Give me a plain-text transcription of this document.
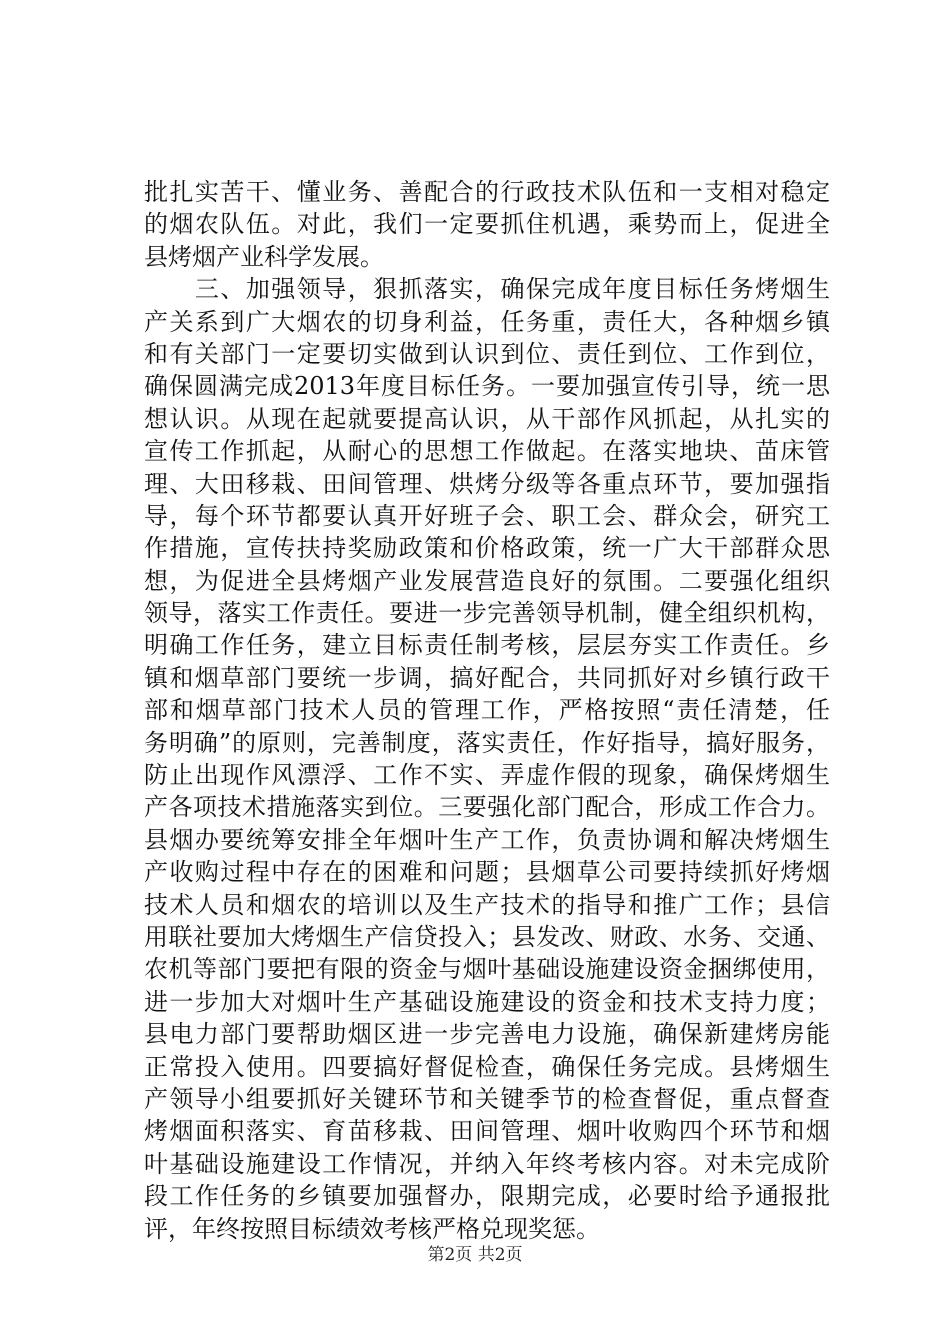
批扎实苦干、懂业务、善配合的行政技术队伍和一支相对稳定
的烟农队伍。对此，我们一定要抓住机遇，乘势而上，促进全
县烤烟产业科学发展。
　　三、加强领导，狠抓落实，确保完成年度目标任务烤烟生
产关系到广大烟农的切身利益，任务重，责任大，各种烟乡镇
和有关部门一定要切实做到认识到位、责任到位、工作到位，
确保圆满完成2013年度目标任务。一要加强宣传引导，统一思
想认识。从现在起就要提高认识，从干部作风抓起，从扎实的
宣传工作抓起，从耐心的思想工作做起。在落实地块、苗床管
理、大田移栽、田间管理、烘烤分级等各重点环节，要加强指
导，每个环节都要认真开好班子会、职工会、群众会，研究工
作措施，宣传扶持奖励政策和价格政策，统一广大干部群众思
想，为促进全县烤烟产业发展营造良好的氛围。二要强化组织
领导，落实工作责任。要进一步完善领导机制，健全组织机构，
明确工作任务，建立目标责任制考核，层层夯实工作责任。乡
镇和烟草部门要统一步调，搞好配合，共同抓好对乡镇行政干
部和烟草部门技术人员的管理工作，严格按照“责任清楚，任
务明确”的原则，完善制度，落实责任，作好指导，搞好服务，
防止出现作风漂浮、工作不实、弄虚作假的现象，确保烤烟生
产各项技术措施落实到位。三要强化部门配合，形成工作合力。
县烟办要统筹安排全年烟叶生产工作，负责协调和解决烤烟生
产收购过程中存在的困难和问题；县烟草公司要持续抓好烤烟
技术人员和烟农的培训以及生产技术的指导和推广工作；县信
用联社要加大烤烟生产信贷投入；县发改、财政、水务、交通、
农机等部门要把有限的资金与烟叶基础设施建设资金捆绑使用，
进一步加大对烟叶生产基础设施建设的资金和技术支持力度；
县电力部门要帮助烟区进一步完善电力设施，确保新建烤房能
正常投入使用。四要搞好督促检查，确保任务完成。县烤烟生
产领导小组要抓好关键环节和关键季节的检查督促，重点督查
烤烟面积落实、育苗移栽、田间管理、烟叶收购四个环节和烟
叶基础设施建设工作情况，并纳入年终考核内容。对未完成阶
段工作任务的乡镇要加强督办，限期完成，必要时给予通报批
评，年终按照目标绩效考核严格兑现奖惩。
第2页 共2页
